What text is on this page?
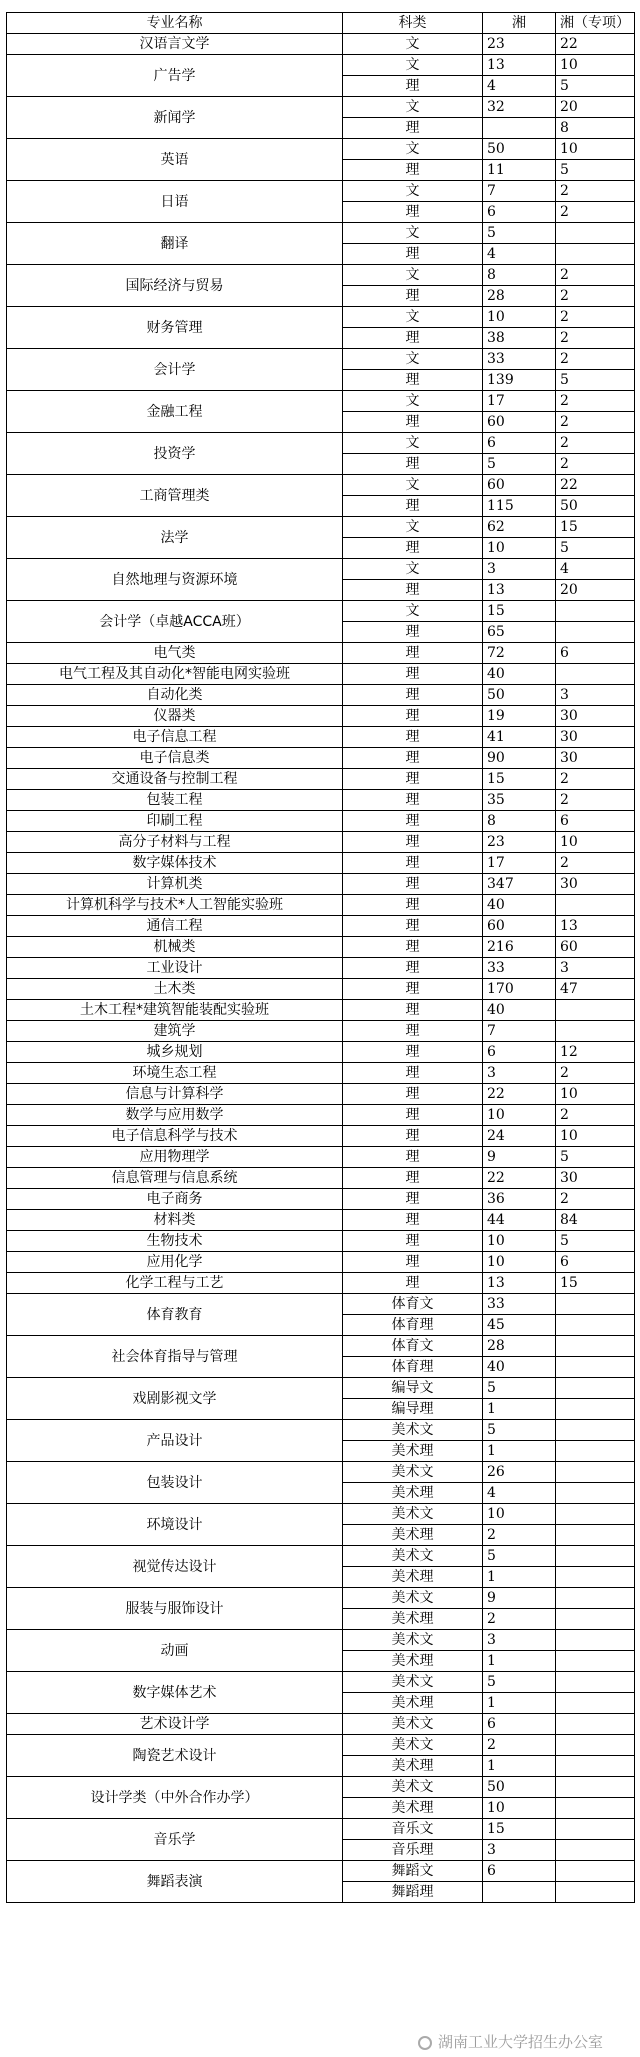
专业名称	科类	湘	湘（专项）
汉语言文学	文	23	22
广告学	文	13	10
	理	4	5
新闻学	文	32	20
	理		8
英语	文	50	10
	理	11	5
日语	文	7	2
	理	6	2
翻译	文	5	
	理	4	
国际经济与贸易	文	8	2
	理	28	2
财务管理	文	10	2
	理	38	2
会计学	文	33	2
	理	139	5
金融工程	文	17	2
	理	60	2
投资学	文	6	2
	理	5	2
工商管理类	文	60	22
	理	115	50
法学	文	62	15
	理	10	5
自然地理与资源环境	文	3	4
	理	13	20
会计学（卓越ACCA班）	文	15	
	理	65	
电气类	理	72	6
电气工程及其自动化*智能电网实验班	理	40	
自动化类	理	50	3
仪器类	理	19	30
电子信息工程	理	41	30
电子信息类	理	90	30
交通设备与控制工程	理	15	2
包装工程	理	35	2
印刷工程	理	8	6
高分子材料与工程	理	23	10
数字媒体技术	理	17	2
计算机类	理	347	30
计算机科学与技术*人工智能实验班	理	40	
通信工程	理	60	13
机械类	理	216	60
工业设计	理	33	3
土木类	理	170	47
土木工程*建筑智能装配实验班	理	40	
建筑学	理	7	
城乡规划	理	6	12
环境生态工程	理	3	2
信息与计算科学	理	22	10
数学与应用数学	理	10	2
电子信息科学与技术	理	24	10
应用物理学	理	9	5
信息管理与信息系统	理	22	30
电子商务	理	36	2
材料类	理	44	84
生物技术	理	10	5
应用化学	理	10	6
化学工程与工艺	理	13	15
体育教育	体育文	33	
	体育理	45	
社会体育指导与管理	体育文	28	
	体育理	40	
戏剧影视文学	编导文	5	
	编导理	1	
产品设计	美术文	5	
	美术理	1	
包装设计	美术文	26	
	美术理	4	
环境设计	美术文	10	
	美术理	2	
视觉传达设计	美术文	5	
	美术理	1	
服装与服饰设计	美术文	9	
	美术理	2	
动画	美术文	3	
	美术理	1	
数字媒体艺术	美术文	5	
	美术理	1	
艺术设计学	美术文	6	
陶瓷艺术设计	美术文	2	
	美术理	1	
设计学类（中外合作办学）	美术文	50	
	美术理	10	
音乐学	音乐文	15	
	音乐理	3	
舞蹈表演	舞蹈文	6	
	舞蹈理		
湖南工业大学招生办公室
